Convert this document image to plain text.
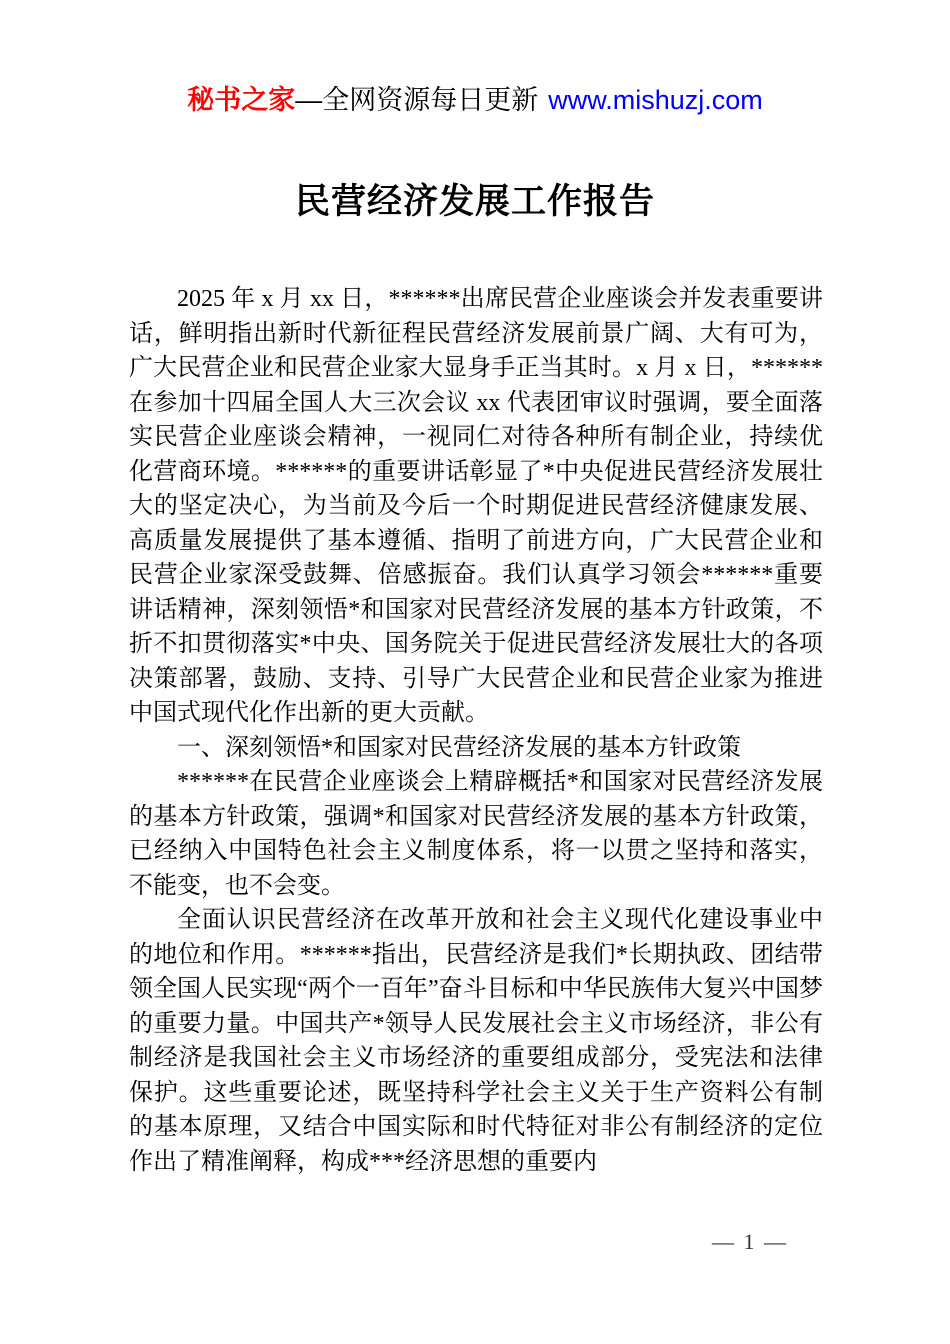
秘书之家—全网资源每日更新 www.mishuzj.com
民营经济发展工作报告

2025 年 x 月 xx 日，******出席民营企业座谈会并发表重要讲话，鲜明指出新时代新征程民营经济发展前景广阔、大有可为，广大民营企业和民营企业家大显身手正当其时。x 月 x 日，******在参加十四届全国人大三次会议 xx 代表团审议时强调，要全面落实民营企业座谈会精神，一视同仁对待各种所有制企业，持续优化营商环境。******的重要讲话彰显了*中央促进民营经济发展壮大的坚定决心，为当前及今后一个时期促进民营经济健康发展、高质量发展提供了基本遵循、指明了前进方向，广大民营企业和民营企业家深受鼓舞、倍感振奋。我们认真学习领会******重要讲话精神，深刻领悟*和国家对民营经济发展的基本方针政策，不折不扣贯彻落实*中央、国务院关于促进民营经济发展壮大的各项决策部署，鼓励、支持、引导广大民营企业和民营企业家为推进中国式现代化作出新的更大贡献。

一、深刻领悟*和国家对民营经济发展的基本方针政策

******在民营企业座谈会上精辟概括*和国家对民营经济发展的基本方针政策，强调*和国家对民营经济发展的基本方针政策，已经纳入中国特色社会主义制度体系，将一以贯之坚持和落实，不能变，也不会变。

全面认识民营经济在改革开放和社会主义现代化建设事业中的地位和作用。******指出，民营经济是我们*长期执政、团结带领全国人民实现“两个一百年”奋斗目标和中华民族伟大复兴中国梦的重要力量。中国共产*领导人民发展社会主义市场经济，非公有制经济是我国社会主义市场经济的重要组成部分，受宪法和法律保护。这些重要论述，既坚持科学社会主义关于生产资料公有制的基本原理，又结合中国实际和时代特征对非公有制经济的定位作出了精准阐释，构成***经济思想的重要内

— 1 —
